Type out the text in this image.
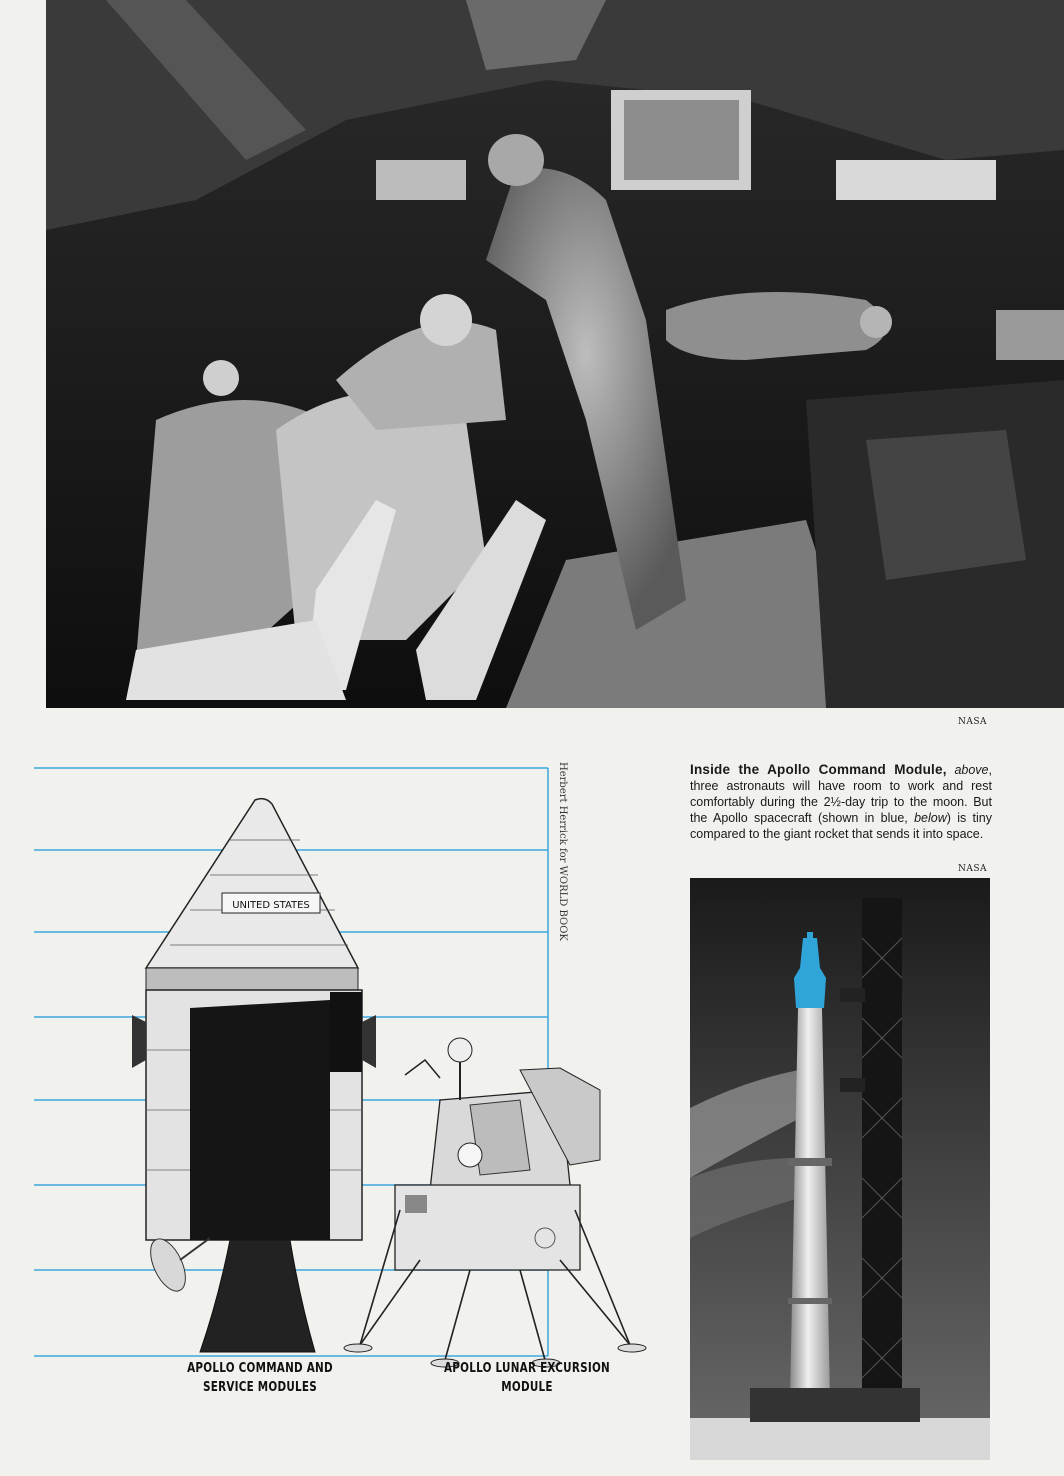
NASA
UNITED STATES	Herbert Herrick for WORLD BOOK
APOLLO COMMAND AND
SERVICE MODULES
APOLLO LUNAR EXCURSION
MODULE
Inside the Apollo Command Module, above, three astronauts will have room to work and rest comfortably during the 2½-day trip to the moon. But the Apollo spacecraft (shown in blue, below) is tiny compared to the giant rocket that sends it into space.
NASA
